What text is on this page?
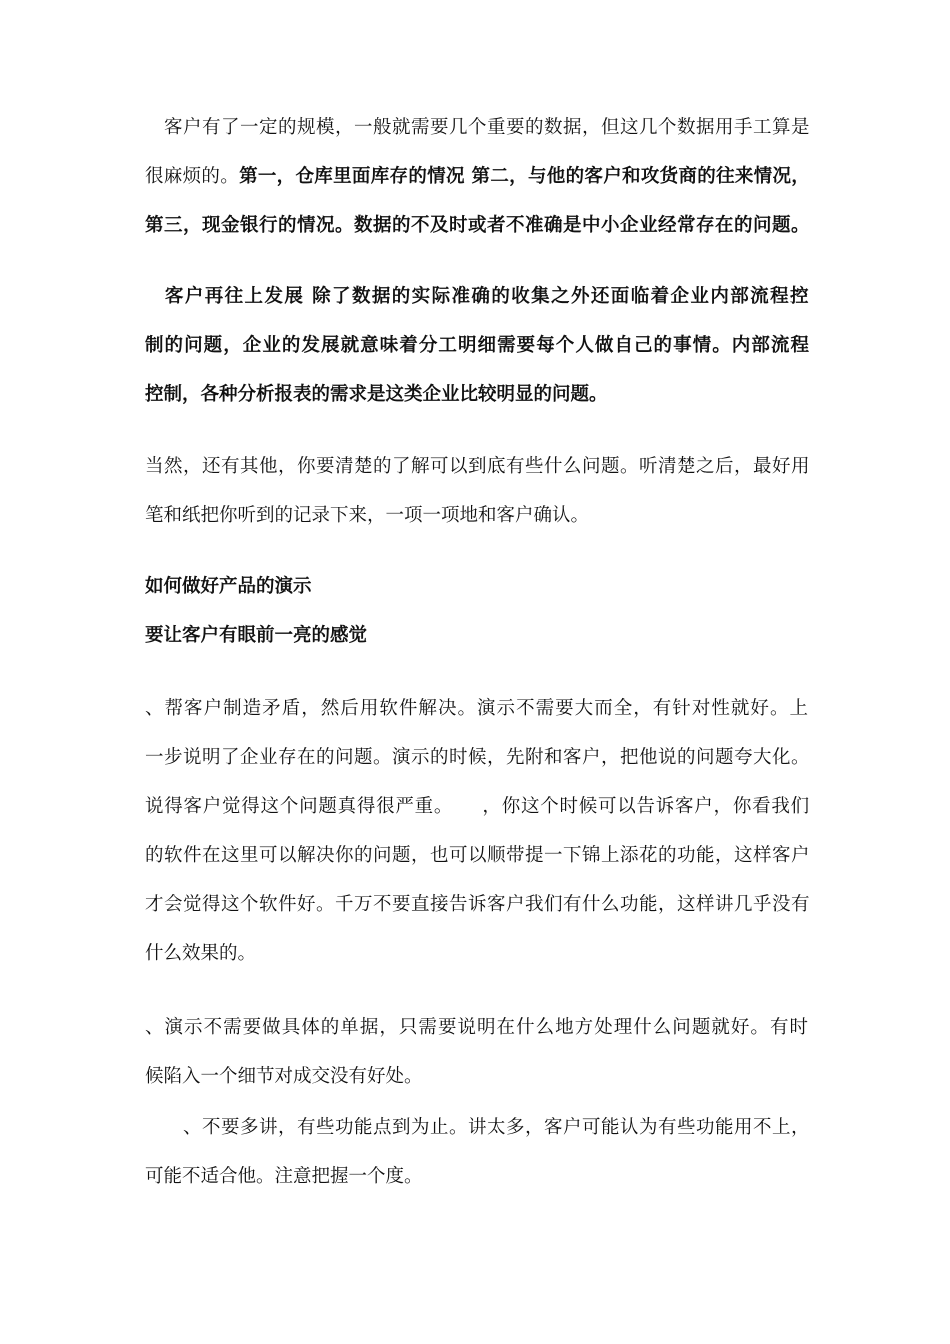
　客户有了一定的规模，一般就需要几个重要的数据，但这几个数据用手工算是
很麻烦的。第一，仓库里面库存的情况 第二，与他的客户和攻货商的往来情况，
第三，现金银行的情况。数据的不及时或者不准确是中小企业经常存在的问题。
　客户再往上发展 除了数据的实际准确的收集之外还面临着企业内部流程控
制的问题，企业的发展就意味着分工明细需要每个人做自己的事情。内部流程
控制，各种分析报表的需求是这类企业比较明显的问题。
当然，还有其他，你要清楚的了解可以到底有些什么问题。听清楚之后，最好用
笔和纸把你听到的记录下来，一项一项地和客户确认。
如何做好产品的演示
要让客户有眼前一亮的感觉
、帮客户制造矛盾，然后用软件解决。演示不需要大而全，有针对性就好。上
一步说明了企业存在的问题。演示的时候，先附和客户，把他说的问题夸大化。
说得客户觉得这个问题真得很严重。　　，你这个时候可以告诉客户，你看我们
的软件在这里可以解决你的问题，也可以顺带提一下锦上添花的功能，这样客户
才会觉得这个软件好。千万不要直接告诉客户我们有什么功能，这样讲几乎没有
什么效果的。
、演示不需要做具体的单据，只需要说明在什么地方处理什么问题就好。有时
候陷入一个细节对成交没有好处。
　　、不要多讲，有些功能点到为止。讲太多，客户可能认为有些功能用不上，
可能不适合他。注意把握一个度。
